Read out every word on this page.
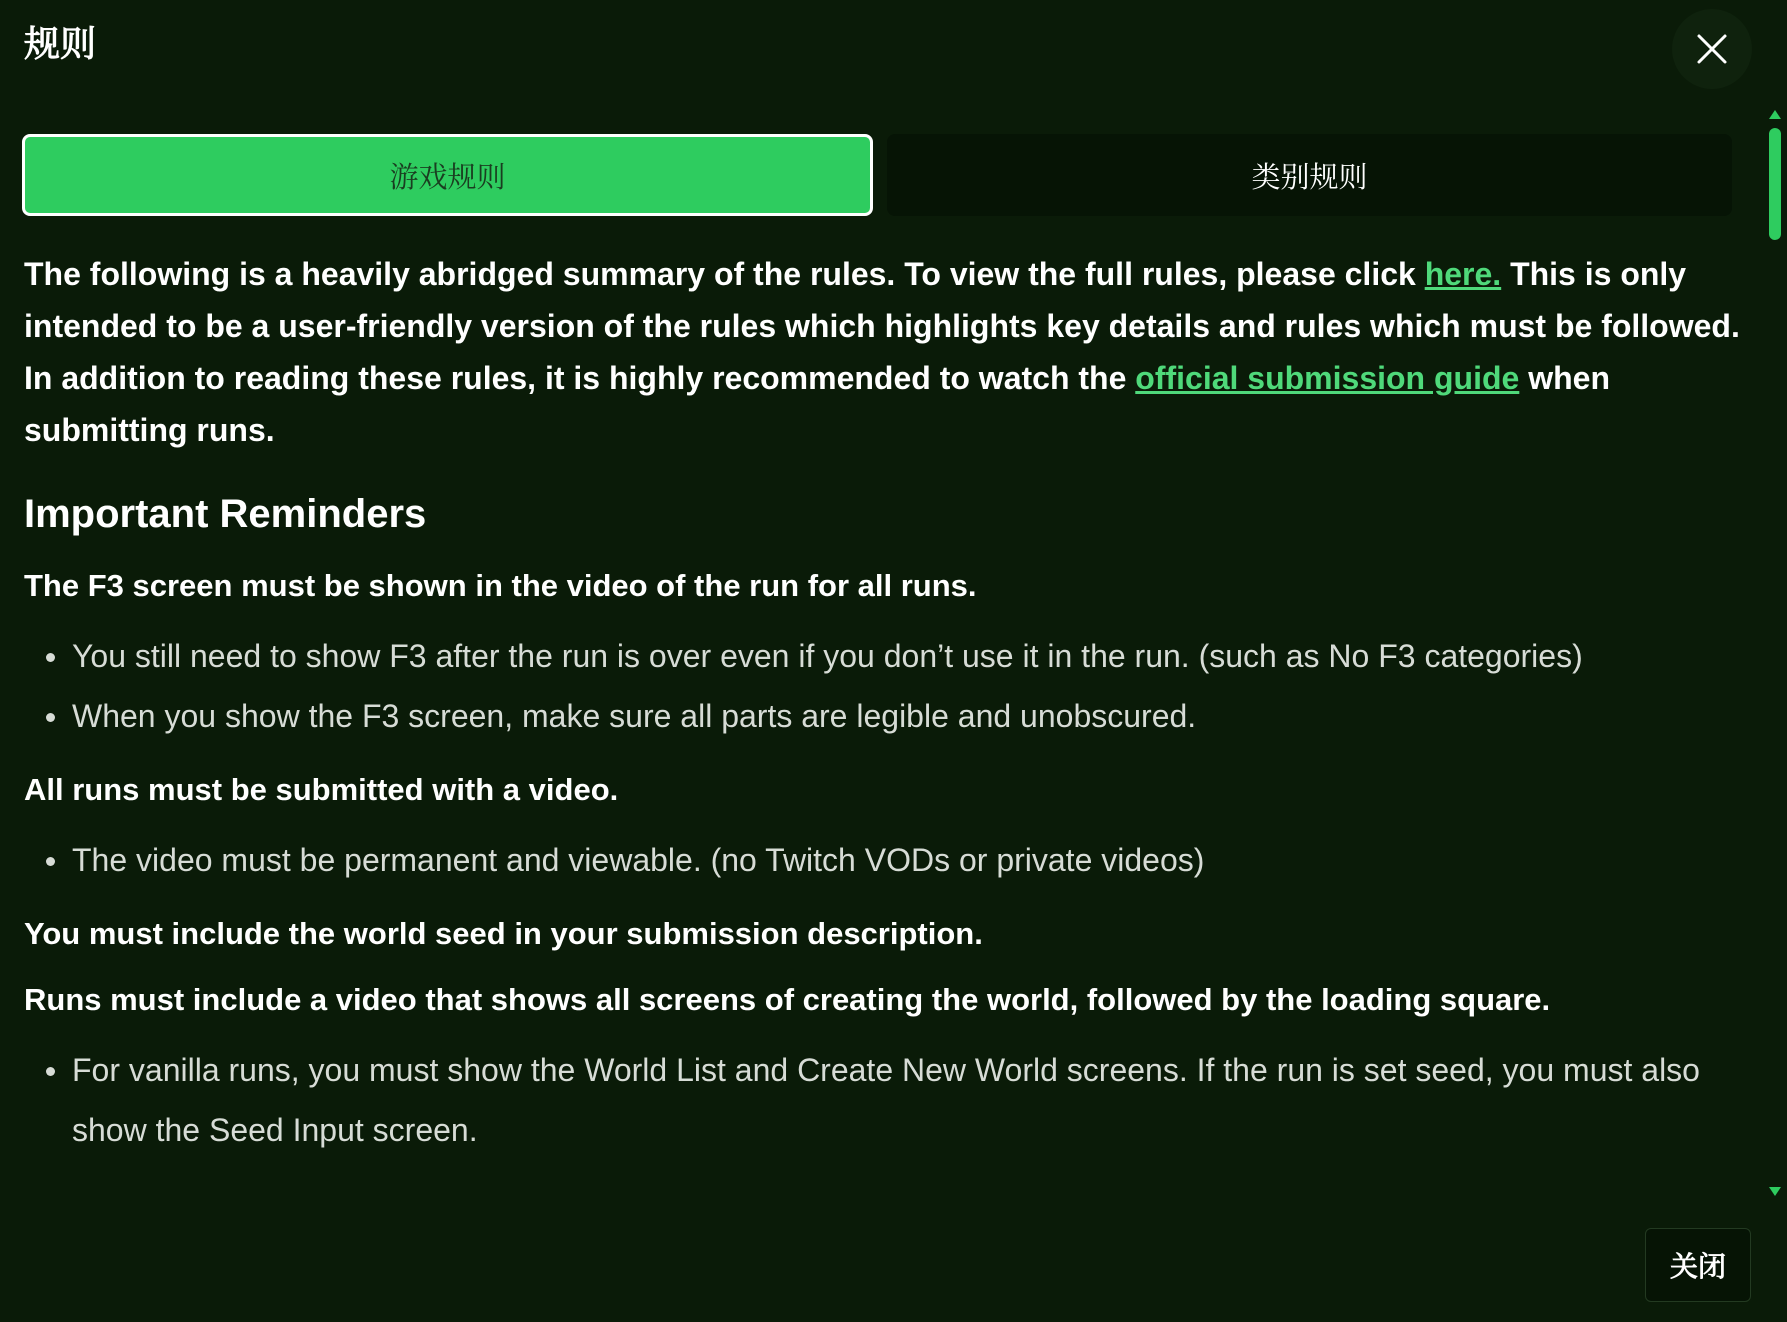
规则
游戏规则	类别规则

The following is a heavily abridged summary of the rules. To view the full rules, please click here. This is only intended to be a user-friendly version of the rules which highlights key details and rules which must be followed. In addition to reading these rules, it is highly recommended to watch the official submission guide when submitting runs.

Important Reminders

The F3 screen must be shown in the video of the run for all runs.

You still need to show F3 after the run is over even if you don’t use it in the run. (such as No F3 categories)
When you show the F3 screen, make sure all parts are legible and unobscured.

All runs must be submitted with a video.

The video must be permanent and viewable. (no Twitch VODs or private videos)

You must include the world seed in your submission description.

Runs must include a video that shows all screens of creating the world, followed by the loading square.

For vanilla runs, you must show the World List and Create New World screens. If the run is set seed, you must also show the Seed Input screen.
关闭
